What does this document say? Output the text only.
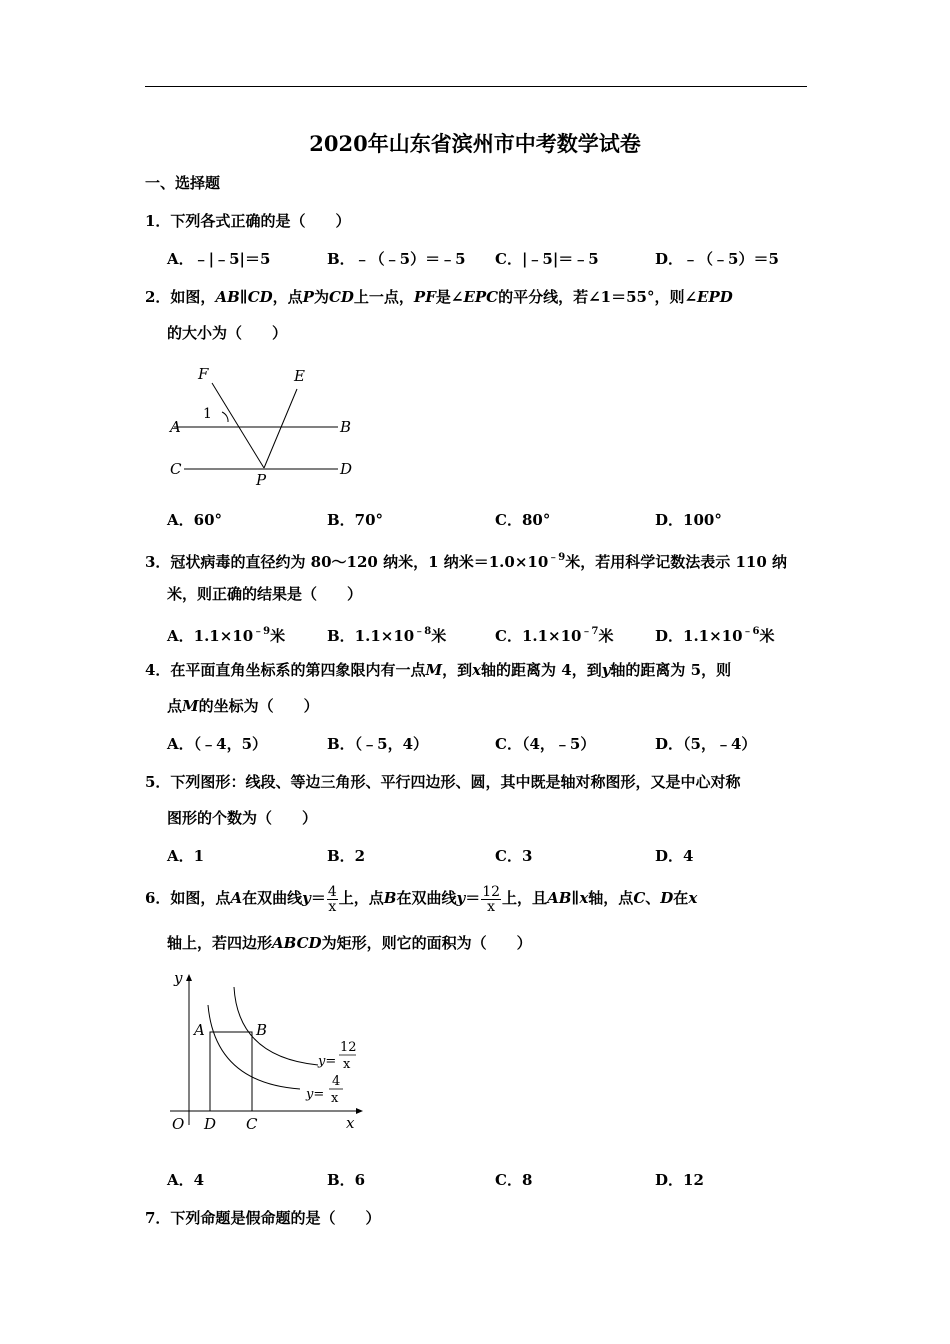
2020年山东省滨州市中考数学试卷
一、选择题
1．下列各式正确的是（　　）
A．﹣|﹣5|＝5	B．﹣（﹣5）＝﹣5 C．|﹣5|＝﹣5	D．﹣（﹣5）＝5
2．如图，AB∥CD，点P为CD上一点，PF是∠EPC的平分线，若∠1＝55°，则∠EPD
的大小为（　　）
F	E
1
A	B
C	D
P
A．60°	B．70°	C．80°	D．100°
3．冠状病毒的直径约为 80～120 纳米，1 纳米$=1.0\times 10^{﹣9}$米，若用科学记数法表示 110 纳
米，则正确的结果是（　　）
A．$1.1\times 10^{﹣9}$米	B．$1.1\times 10^{﹣8}$米	C．$1.1\times 10^{﹣7}$米	D．$1.1\times 10^{﹣6}$米
4．在平面直角坐标系的第四象限内有一点M，到x轴的距离为 4，到y轴的距离为 5，则
点M的坐标为（　　）
A．（﹣4，5）	B．（﹣5，4）	C．（4，﹣5）	D．（5，﹣4）
5．下列图形：线段、等边三角形、平行四边形、圆，其中既是轴对称图形，又是中心对称
图形的个数为（　　）
A．1	B．2	C．3	D．4
6．如图，点A在双曲线$y= \frac{4}{x}$ 上，点B在双曲线$y= \frac{12}{x}$ 上，且AB∥x轴，点C、D在x
轴上，若四边形ABCD为矩形，则它的面积为（　　）
y
x
O
A	B
D C
y=
12
x
y=
4
x
A．4	B．6	C．8	D．12
7．下列命题是假命题的是（　　）
